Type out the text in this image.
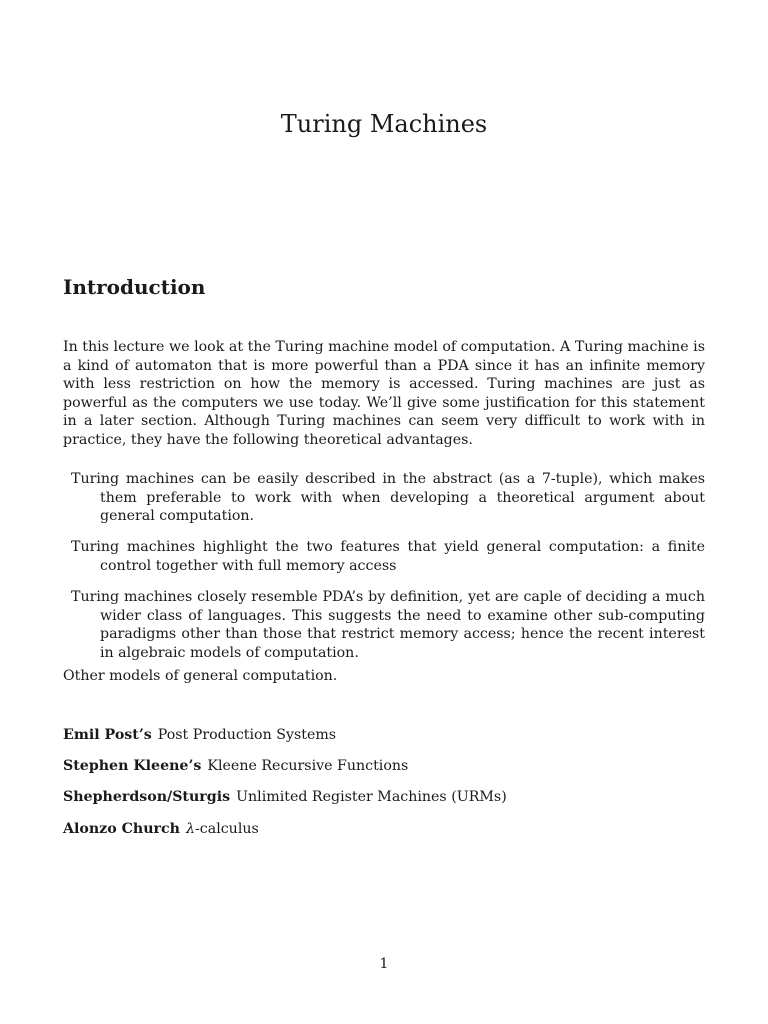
Turing Machines
Introduction

In this lecture we look at the Turing machine model of computation. A Turing machine is a kind of automaton that is more powerful than a PDA since it has an infinite memory with less restriction on how the memory is accessed. Turing machines are just as powerful as the computers we use today. We’ll give some justification for this statement in a later section. Although Turing machines can seem very difficult to work with in practice, they have the following theoretical advantages.

Turing machines can be easily described in the abstract (as a 7-tuple), which makes them preferable to work with when developing a theoretical argument about general computation.
Turing machines highlight the two features that yield general computation: a finite control together with full memory access
Turing machines closely resemble PDA’s by definition, yet are caple of deciding a much wider class of languages. This suggests the need to examine other sub-computing paradigms other than those that restrict memory access; hence the recent interest in algebraic models of computation.

Other models of general computation.

Emil Post’s Post Production Systems
Stephen Kleene’s Kleene Recursive Functions
Shepherdson/Sturgis Unlimited Register Machines (URMs)
Alonzo Church λ-calculus
1
